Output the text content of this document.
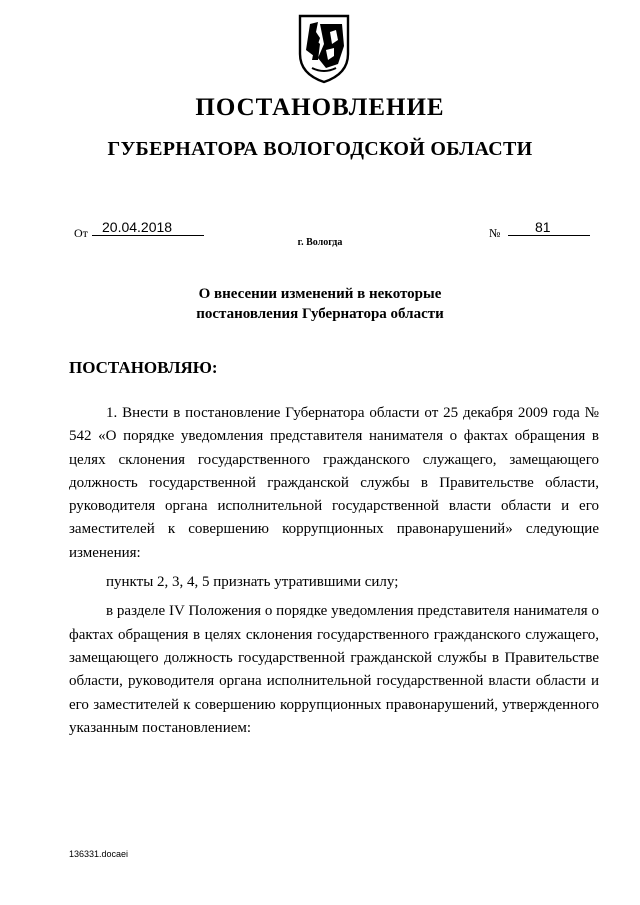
ПОСТАНОВЛЕНИЕ
ГУБЕРНАТОРА ВОЛОГОДСКОЙ ОБЛАСТИ
От 20.04.2018	№ 81
г. Вологда
О внесении изменений в некоторые
постановления Губернатора области
ПОСТАНОВЛЯЮ:

1. Внести в постановление Губернатора области от 25 декабря 2009 года № 542 «О порядке уведомления представителя нанимателя о фактах обращения в целях склонения государственного гражданского служащего, замещающего должность государственной гражданской службы в Правительстве области, руководителя органа исполнительной государственной власти области и его заместителей к совершению коррупционных правонарушений» следующие изменения:

пункты 2, 3, 4, 5 признать утратившими силу;

в разделе IV Положения о порядке уведомления представителя нанимателя о фактах обращения в целях склонения государственного гражданского служащего, замещающего должность государственной гражданской службы в Правительстве области, руководителя органа исполнительной государственной власти области и его заместителей к совершению коррупционных правонарушений, утвержденного указанным постановлением:

136331.docaei
